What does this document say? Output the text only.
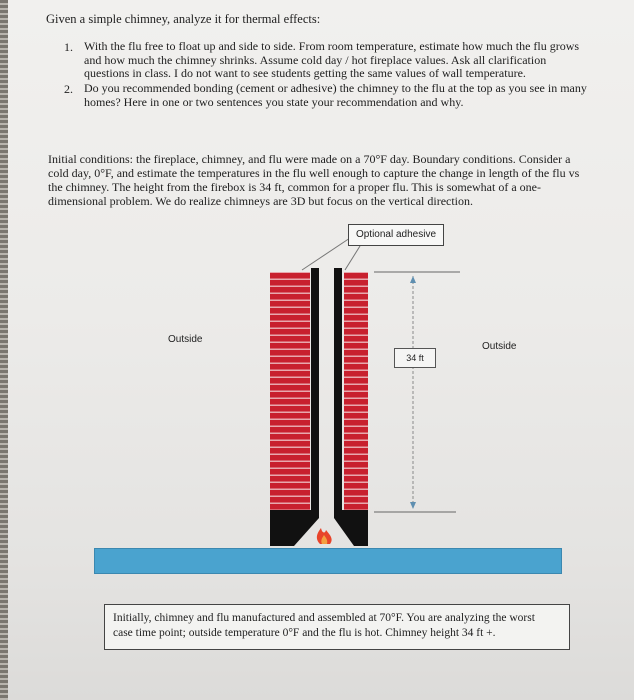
Given a simple chimney, analyze it for thermal effects:
1. With the flu free to float up and side to side. From room temperature, estimate how much the flu grows
and how much the chimney shrinks. Assume cold day / hot fireplace values. Ask all clarification
questions in class. I do not want to see students getting the same values of wall temperature.
2. Do you recommended bonding (cement or adhesive) the chimney to the flu at the top as you see in many
homes? Here in one or two sentences you state your recommendation and why.
Initial conditions: the fireplace, chimney, and flu were made on a 70°F day. Boundary conditions. Consider a
cold day, 0°F, and estimate the temperatures in the flu well enough to capture the change in length of the flu vs
the chimney. The height from the firebox is 34 ft, common for a proper flu. This is somewhat of a one-
dimensional problem. We do realize chimneys are 3D but focus on the vertical direction.
Optional adhesive
Outside
Outside
34 ft
Initially, chimney and flu manufactured and assembled at 70°F. You are analyzing the worst
case time point; outside temperature 0°F and the flu is hot. Chimney height 34 ft +.
